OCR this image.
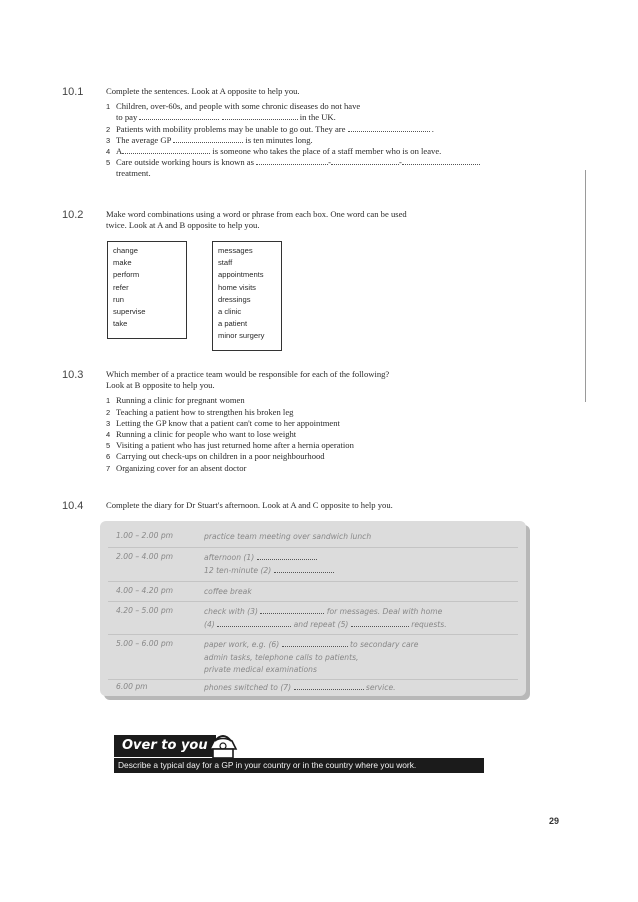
10.1	Complete the sentences. Look at A opposite to help you.

1 Children, over-60s, and people with some chronic diseases do not have
to pay	in the UK.
2 Patients with mobility problems may be unable to go out. They are	.
3 The average GP	is ten minutes long.
4 A	is someone who takes the place of a staff member who is on leave.
5 Care outside working hours is known as	-	-
treatment.
10.2	Make word combinations using a word or phrase from each box. One word can be used
twice. Look at A and B opposite to help you.

change
make
perform
refer
run
supervise
take
messages
staff
appointments
home visits
dressings
a clinic
a patient
minor surgery
10.3	Which member of a practice team would be responsible for each of the following?
Look at B opposite to help you.

1 Running a clinic for pregnant women
2 Teaching a patient how to strengthen his broken leg
3 Letting the GP know that a patient can't come to her appointment
4 Running a clinic for people who want to lose weight
5 Visiting a patient who has just returned home after a hernia operation
6 Carrying out check-ups on children in a poor neighbourhood
7 Organizing cover for an absent doctor
10.4	Complete the diary for Dr Stuart's afternoon. Look at A and C opposite to help you.

1.00 – 2.00 pm	practice team meeting over sandwich lunch
2.00 – 4.00 pm	afternoon (1)
12 ten-minute (2)
4.00 – 4.20 pm	coffee break
4.20 – 5.00 pm	check with (3)	for messages. Deal with home
(4)	and repeat (5)	requests.
5.00 – 6.00 pm	paper work, e.g. (6)	to secondary care
admin tasks, telephone calls to patients,
private medical examinations
6.00 pm	phones switched to (7)	service.
Over to you
Describe a typical day for a GP in your country or in the country where you work.
29
